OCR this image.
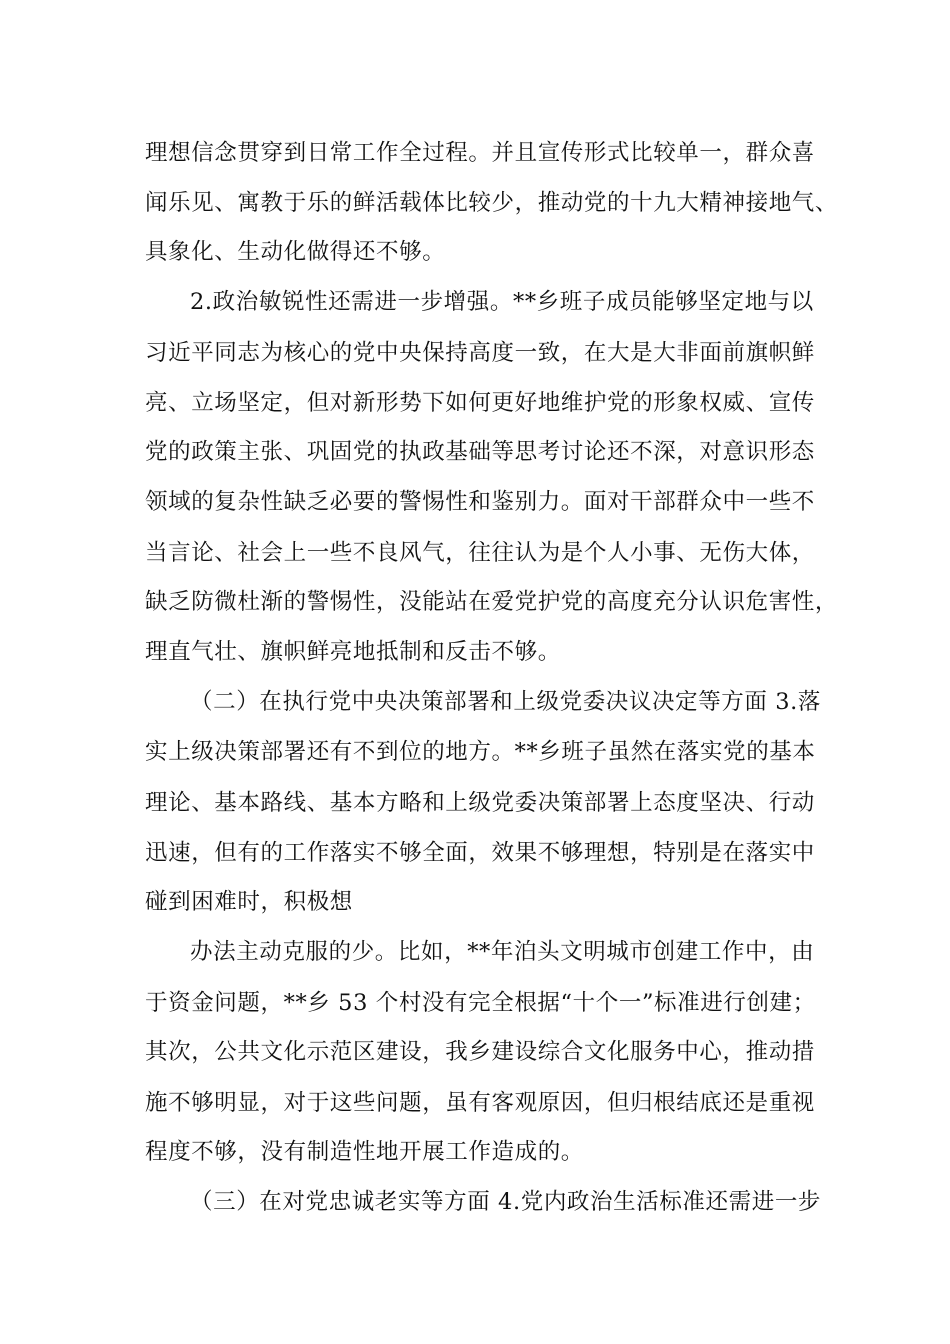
理想信念贯穿到日常工作全过程。并且宣传形式比较单一，群众喜
闻乐见、寓教于乐的鲜活载体比较少，推动党的十九大精神接地气、
具象化、生动化做得还不够。
2.政治敏锐性还需进一步增强。**乡班子成员能够坚定地与以
习近平同志为核心的党中央保持高度一致，在大是大非面前旗帜鲜
亮、立场坚定，但对新形势下如何更好地维护党的形象权威、宣传
党的政策主张、巩固党的执政基础等思考讨论还不深，对意识形态
领域的复杂性缺乏必要的警惕性和鉴别力。面对干部群众中一些不
当言论、社会上一些不良风气，往往认为是个人小事、无伤大体，
缺乏防微杜渐的警惕性，没能站在爱党护党的高度充分认识危害性，
理直气壮、旗帜鲜亮地抵制和反击不够。
（二）在执行党中央决策部署和上级党委决议决定等方面 3.落
实上级决策部署还有不到位的地方。**乡班子虽然在落实党的基本
理论、基本路线、基本方略和上级党委决策部署上态度坚决、行动
迅速，但有的工作落实不够全面，效果不够理想，特别是在落实中
碰到困难时，积极想
办法主动克服的少。比如，**年泊头文明城市创建工作中，由
于资金问题，**乡 53 个村没有完全根据“十个一”标准进行创建；
其次，公共文化示范区建设，我乡建设综合文化服务中心，推动措
施不够明显，对于这些问题，虽有客观原因，但归根结底还是重视
程度不够，没有制造性地开展工作造成的。
（三）在对党忠诚老实等方面 4.党内政治生活标准还需进一步
